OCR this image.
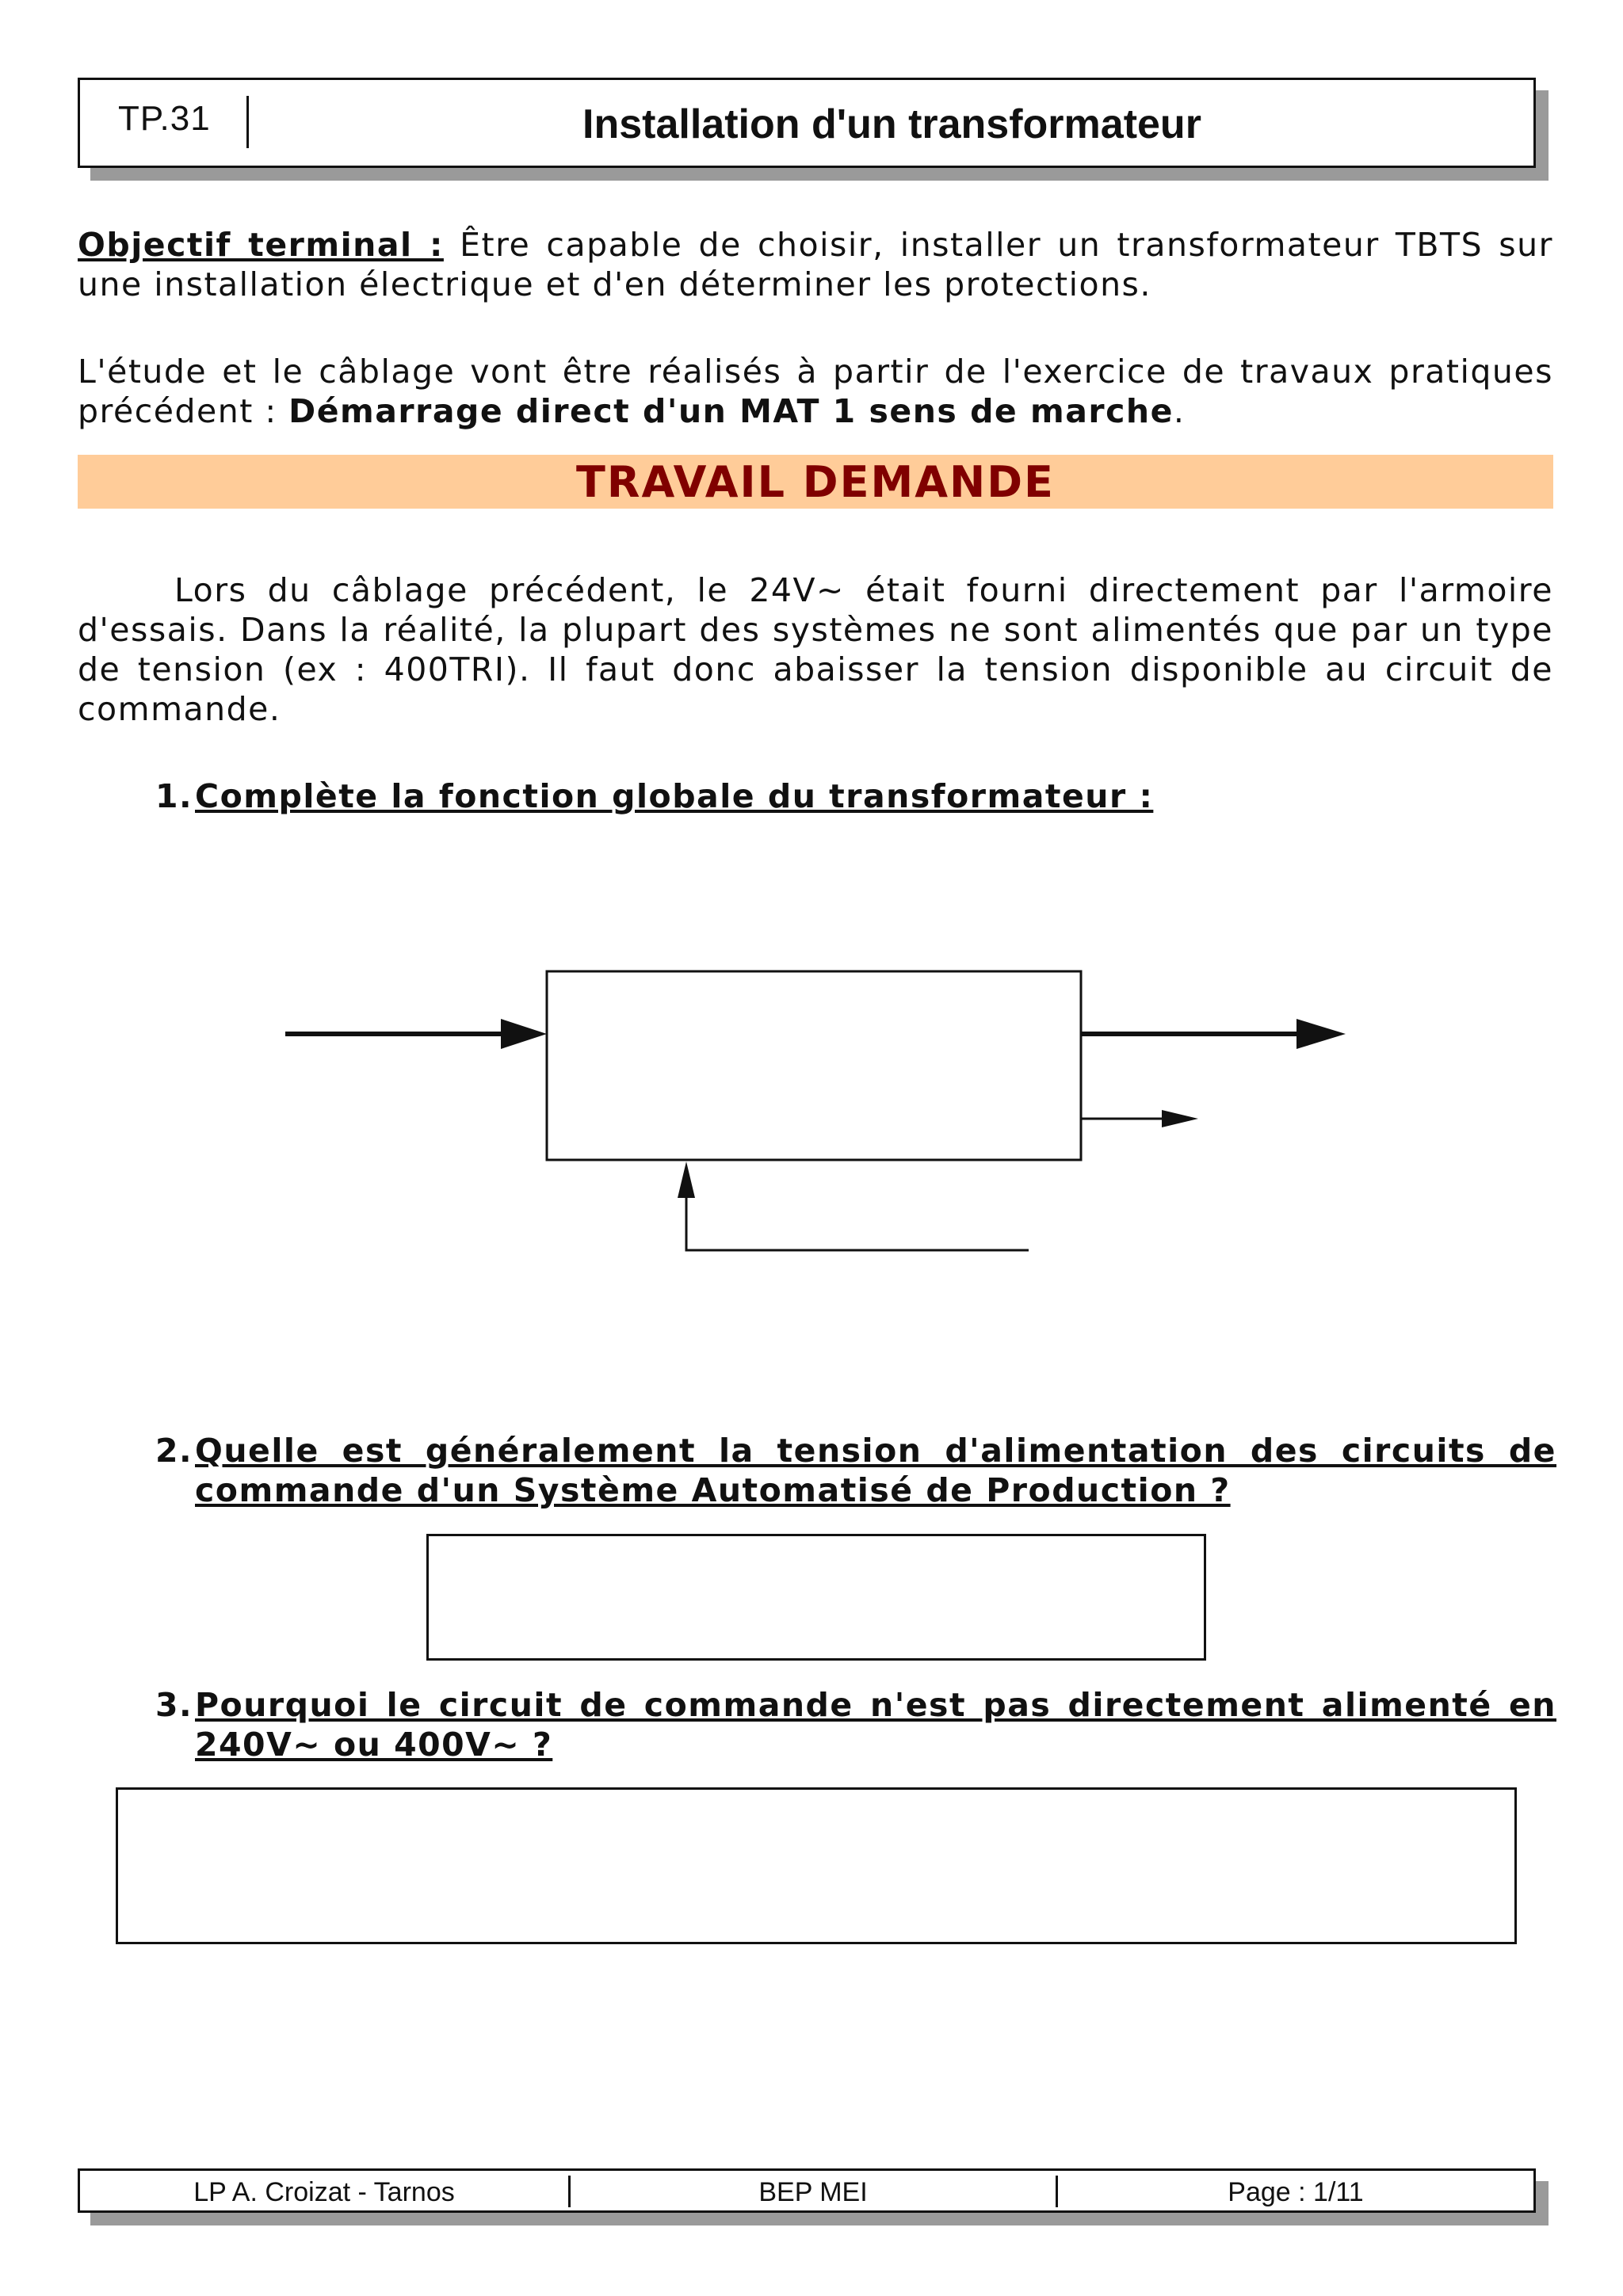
TP.31	Installation d'un transformateur

Objectif terminal : Être capable de choisir, installer un transformateur TBTS sur une installation électrique et d'en déterminer les protections.

L'étude et le câblage vont être réalisés à partir de l'exercice de travaux pratiques précédent : Démarrage direct d'un MAT 1 sens de marche.

TRAVAIL DEMANDE

Lors du câblage précédent, le 24V~ était fourni directement par l'armoire d'essais. Dans la réalité, la plupart des systèmes ne sont alimentés que par un type de tension (ex : 400TRI). Il faut donc abaisser la tension disponible au circuit de commande.

1. Complète la fonction globale du transformateur :
2. Quelle est généralement la tension d'alimentation des circuits de commande d'un Système Automatisé de Production ?
3. Pourquoi le circuit de commande n'est pas directement alimenté en 240V~ ou 400V~ ?
LP A. Croizat - Tarnos	BEP MEI	Page : 1/11
